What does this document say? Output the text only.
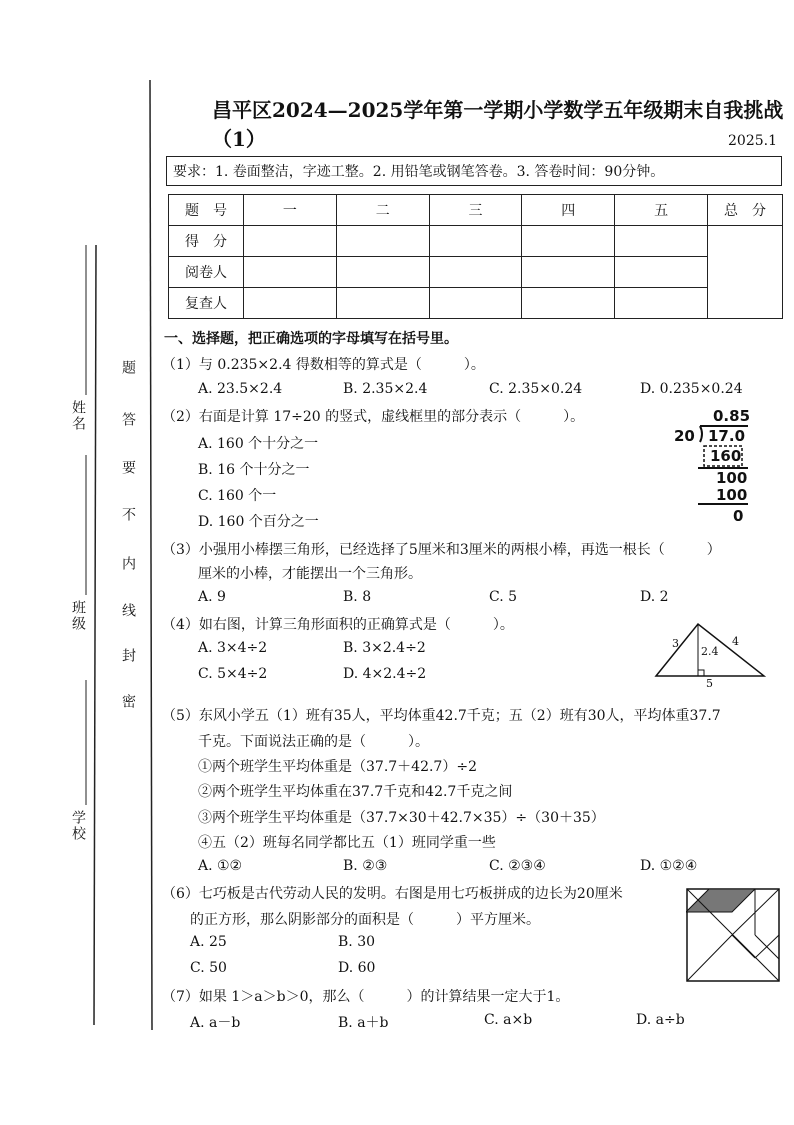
姓名
班级
学校
题
答
要
不
内
线
封
密
昌平区2024—2025学年第一学期小学数学五年级期末自我挑战（1）	2025.1
要求：1. 卷面整洁，字迹工整。2. 用铅笔或钢笔答卷。3. 答卷时间：90分钟。
题　号	一	二	三	四	五	总　分
得　分						
阅卷人						
复查人						
一、选择题，把正确选项的字母填写在括号里。
（1）与 0.235×2.4 得数相等的算式是（　　　）。
A. 23.5×2.4	B. 2.35×2.4	C. 2.35×0.24	D. 0.235×0.24
（2）右面是计算 17÷20 的竖式，虚线框里的部分表示（　　　）。
A. 160 个十分之一
B. 16 个十分之一
C. 160 个一
D. 160 个百分之一
0.85
20 17.0
160
100
100
0
（3）小强用小棒摆三角形，已经选择了5厘米和3厘米的两根小棒，再选一根长（　　　）
厘米的小棒，才能摆出一个三角形。
A. 9	B. 8	C. 5	D. 2
（4）如右图，计算三角形面积的正确算式是（　　　）。
A. 3×4÷2	B. 3×2.4÷2
C. 5×4÷2	D. 4×2.4÷2
3	4
2.4
5
（5）东风小学五（1）班有35人，平均体重42.7千克；五（2）班有30人，平均体重37.7
千克。下面说法正确的是（　　　）。
①两个班学生平均体重是（37.7＋42.7）÷2
②两个班学生平均体重在37.7千克和42.7千克之间
③两个班学生平均体重是（37.7×30＋42.7×35）÷（30＋35）
④五（2）班每名同学都比五（1）班同学重一些
A. ①②	B. ②③	C. ②③④	D. ①②④
（6）七巧板是古代劳动人民的发明。右图是用七巧板拼成的边长为20厘米
的正方形，那么阴影部分的面积是（　　　）平方厘米。
A. 25	B. 30
C. 50	D. 60
（7）如果 1＞a＞b＞0，那么（　　　）的计算结果一定大于1。
A. a－b	B. a＋b	C. a×b	D. a÷b
